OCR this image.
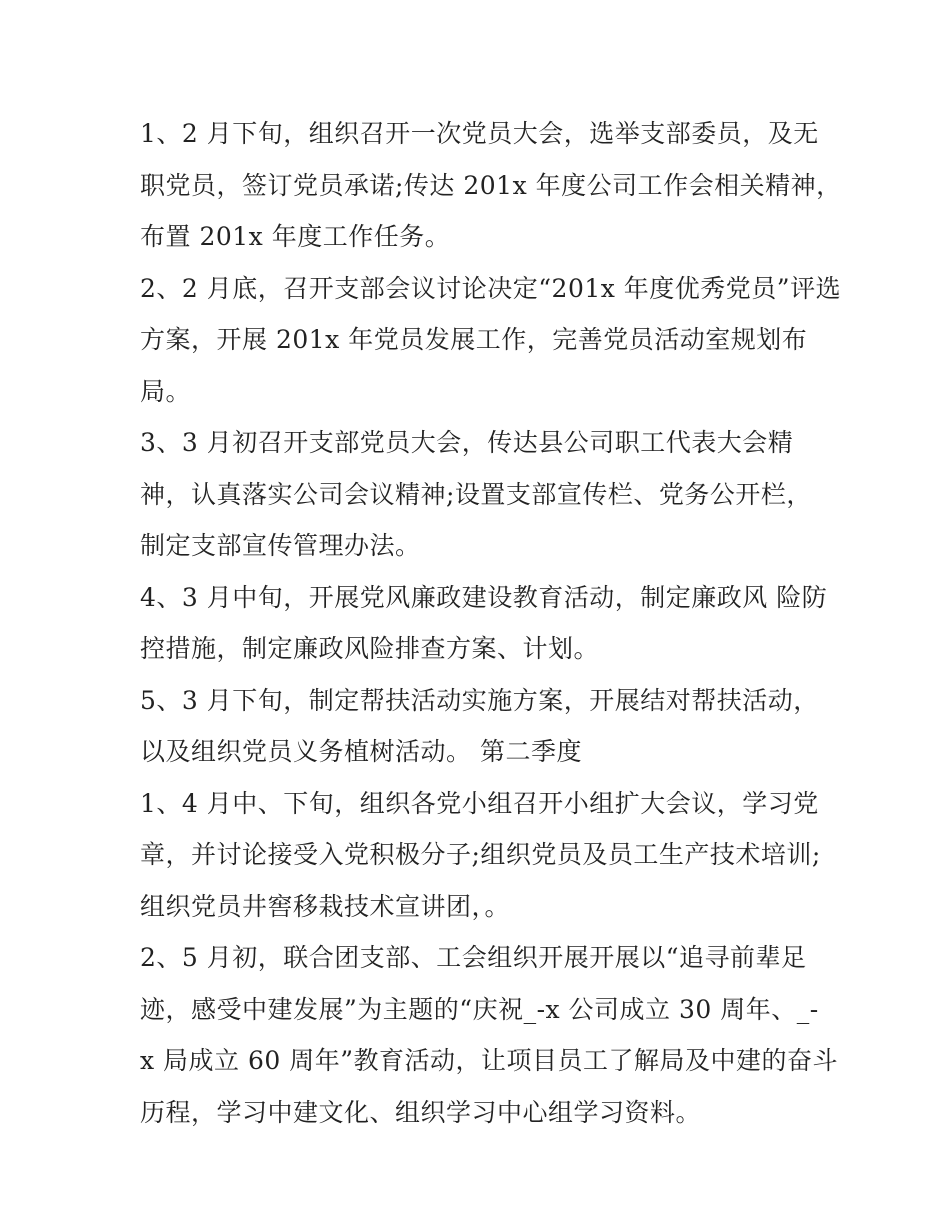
1、2 月下旬，组织召开一次党员大会，选举支部委员，及无
职党员，签订党员承诺;传达 201x 年度公司工作会相关精神，
布置 201x 年度工作任务。

2、2 月底，召开支部会议讨论决定“201x 年度优秀党员”评选
方案，开展 201x 年党员发展工作，完善党员活动室规划布
局。

3、3 月初召开支部党员大会，传达县公司职工代表大会精
神，认真落实公司会议精神;设置支部宣传栏、党务公开栏，
制定支部宣传管理办法。

4、3 月中旬，开展党风廉政建设教育活动，制定廉政风 险防
控措施，制定廉政风险排查方案、计划。

5、3 月下旬，制定帮扶活动实施方案，开展结对帮扶活动，
以及组织党员义务植树活动。 第二季度

1、4 月中、下旬，组织各党小组召开小组扩大会议，学习党
章，并讨论接受入党积极分子;组织党员及员工生产技术培训;
组织党员井窖移栽技术宣讲团，。

2、5 月初，联合团支部、工会组织开展开展以“追寻前辈足
迹，感受中建发展”为主题的“庆祝_-x 公司成立 30 周年、_-
x 局成立 60 周年”教育活动，让项目员工了解局及中建的奋斗
历程，学习中建文化、组织学习中心组学习资料。
